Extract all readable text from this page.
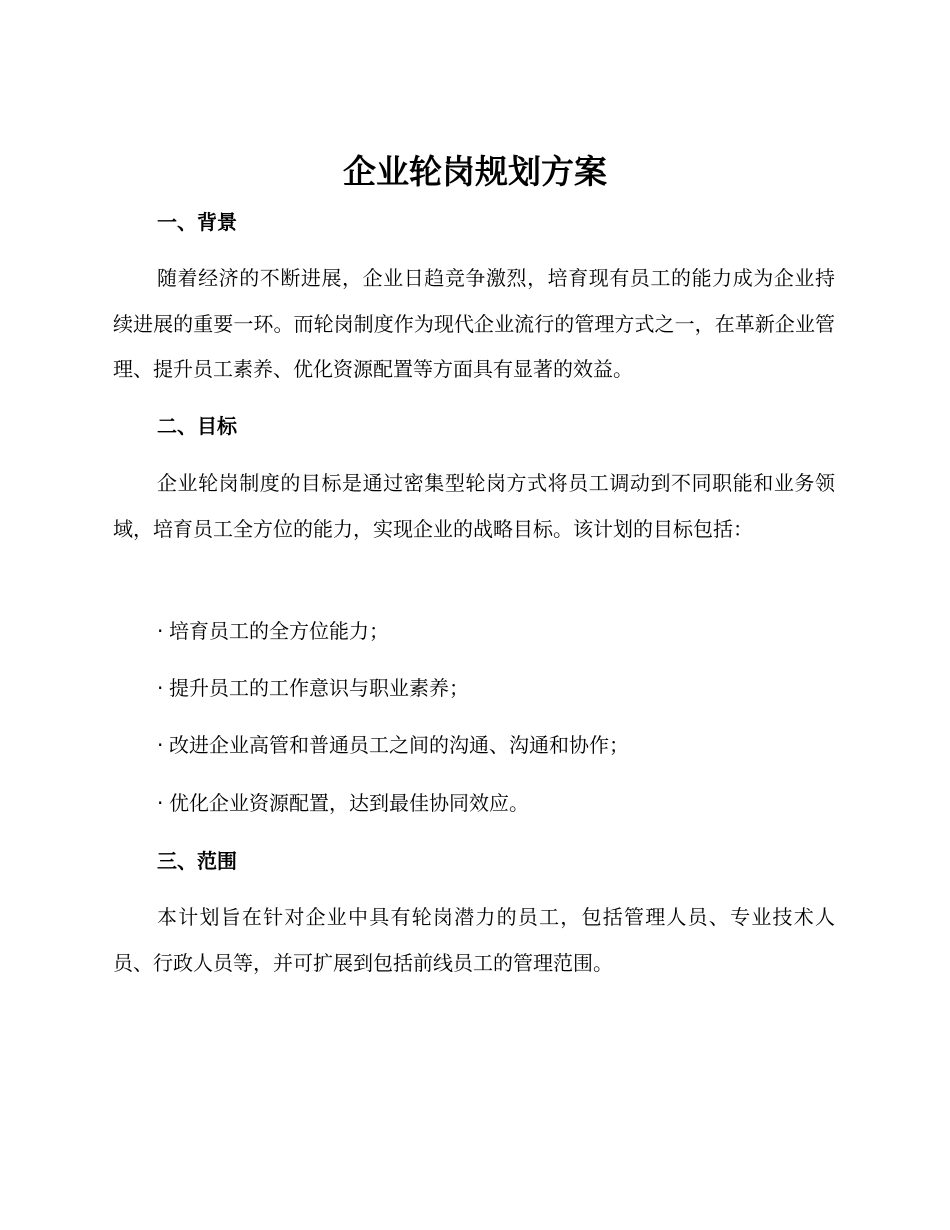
企业轮岗规划方案
一、背景

随着经济的不断进展，企业日趋竞争激烈，培育现有员工的能力成为企业持续进展的重要一环。而轮岗制度作为现代企业流行的管理方式之一，在革新企业管理、提升员工素养、优化资源配置等方面具有显著的效益。

二、目标

企业轮岗制度的目标是通过密集型轮岗方式将员工调动到不同职能和业务领域，培育员工全方位的能力，实现企业的战略目标。该计划的目标包括：

· 培育员工的全方位能力；
· 提升员工的工作意识与职业素养；
· 改进企业高管和普通员工之间的沟通、沟通和协作；
· 优化企业资源配置，达到最佳协同效应。
三、范围

本计划旨在针对企业中具有轮岗潜力的员工，包括管理人员、专业技术人员、行政人员等，并可扩展到包括前线员工的管理范围。
